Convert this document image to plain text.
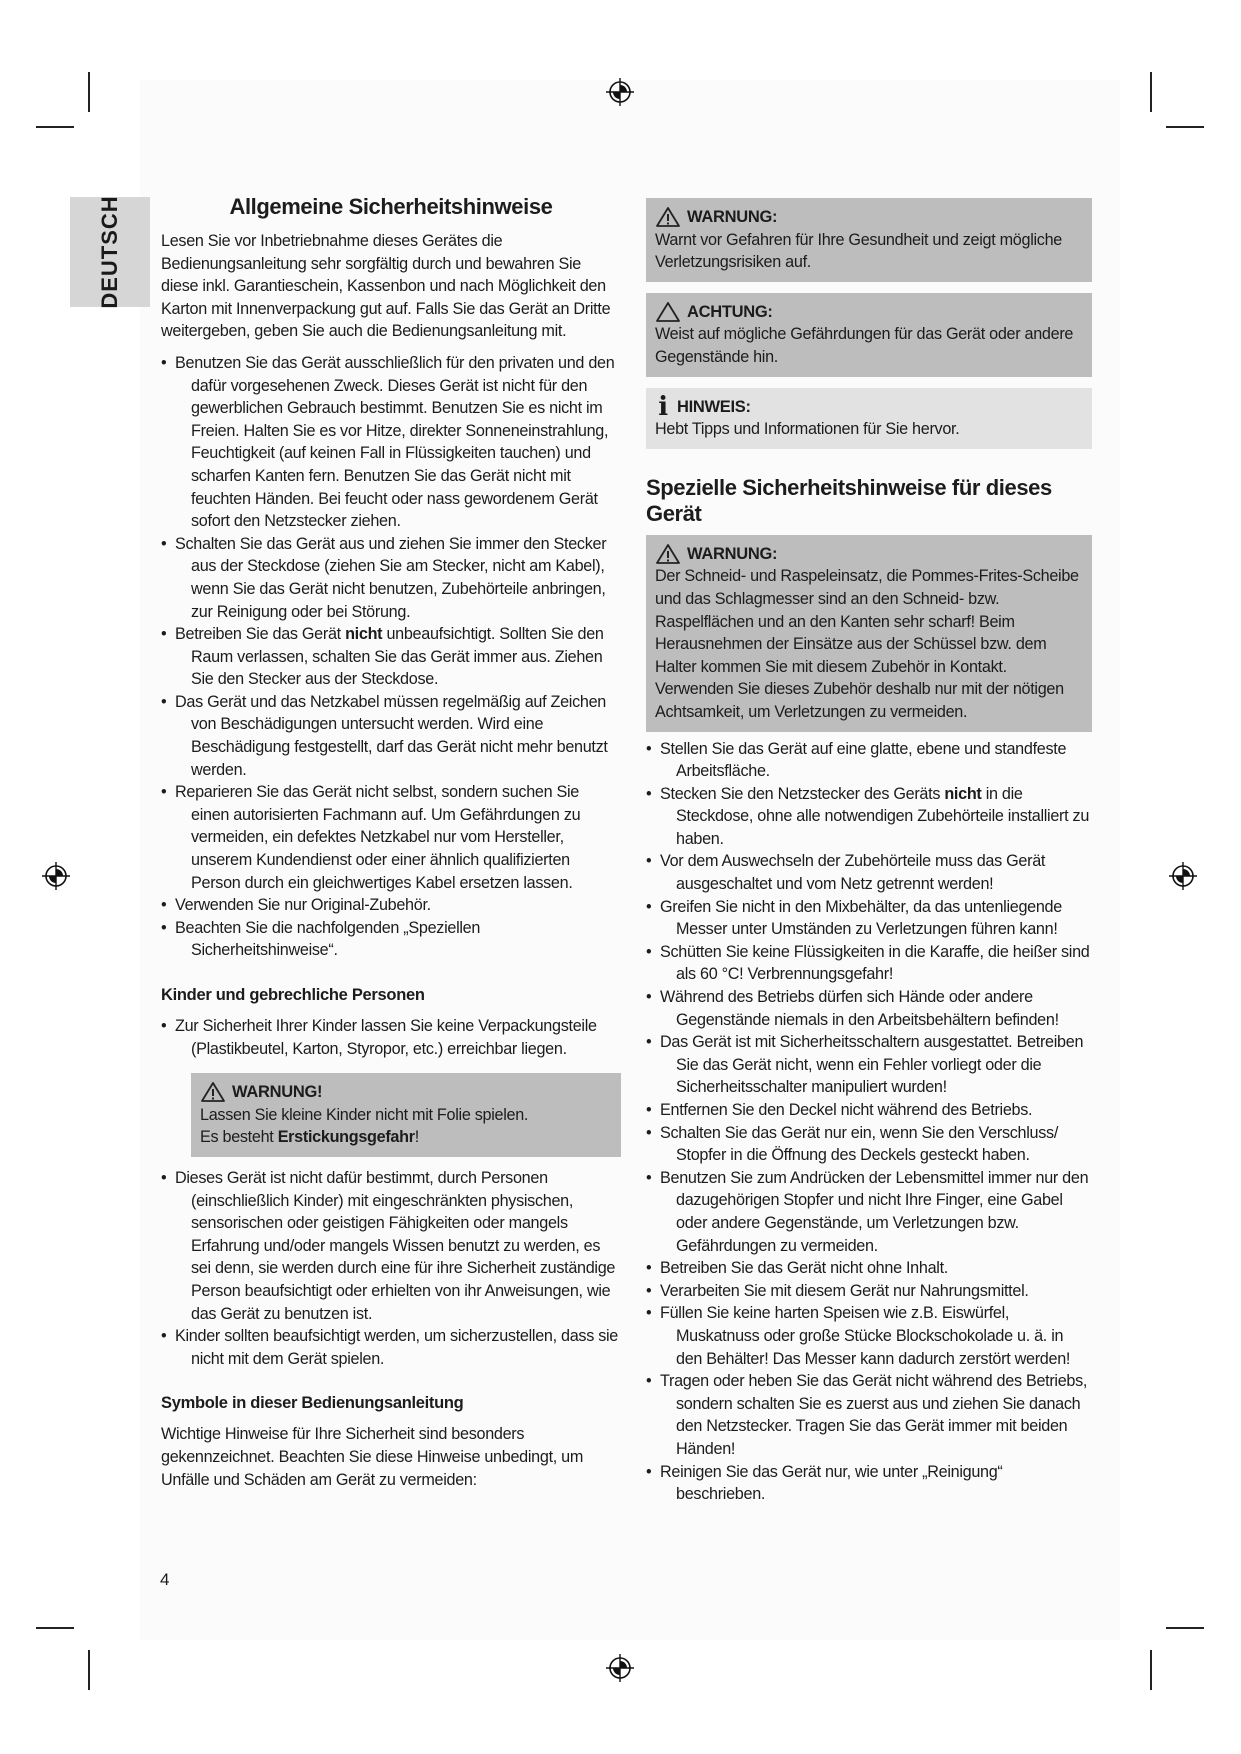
DEUTSCH	Allgemeine Sicherheitshinweise

Lesen Sie vor Inbetriebnahme dieses Gerätes die Bedienungsanleitung sehr sorgfältig durch und bewahren Sie diese inkl. Garantieschein, Kassenbon und nach Möglichkeit den Karton mit Innenverpackung gut auf. Falls Sie das Gerät an Dritte weitergeben, geben Sie auch die Bedienungsanleitung mit.

• Benutzen Sie das Gerät ausschließlich für den privaten und den dafür vorgesehenen Zweck. Dieses Gerät ist nicht für den gewerblichen Gebrauch bestimmt. Benutzen Sie es nicht im Freien. Halten Sie es vor Hitze, direkter Sonneneinstrahlung, Feuchtigkeit (auf keinen Fall in Flüssigkeiten tauchen) und scharfen Kanten fern. Benutzen Sie das Gerät nicht mit feuchten Händen. Bei feucht oder nass gewordenem Gerät sofort den Netzstecker ziehen.
• Schalten Sie das Gerät aus und ziehen Sie immer den Stecker aus der Steckdose (ziehen Sie am Stecker, nicht am Kabel), wenn Sie das Gerät nicht benutzen, Zubehörteile anbringen, zur Reinigung oder bei Störung.
• Betreiben Sie das Gerät nicht unbeaufsichtigt. Sollten Sie den Raum verlassen, schalten Sie das Gerät immer aus. Ziehen Sie den Stecker aus der Steckdose.
• Das Gerät und das Netzkabel müssen regelmäßig auf Zeichen von Beschädigungen untersucht werden. Wird eine Beschädigung festgestellt, darf das Gerät nicht mehr benutzt werden.
• Reparieren Sie das Gerät nicht selbst, sondern suchen Sie einen autorisierten Fachmann auf. Um Gefährdungen zu vermeiden, ein defektes Netzkabel nur vom Hersteller, unserem Kundendienst oder einer ähnlich qualifizierten Person durch ein gleichwertiges Kabel ersetzen lassen.
• Verwenden Sie nur Original-Zubehör.
• Beachten Sie die nachfolgenden „Speziellen Sicherheitshinweise“.

Kinder und gebrechliche Personen

• Zur Sicherheit Ihrer Kinder lassen Sie keine Verpackungsteile (Plastikbeutel, Karton, Styropor, etc.) erreichbar liegen.
WARNUNG!

Lassen Sie kleine Kinder nicht mit Folie spielen.

Es besteht Erstickungsgefahr!

• Dieses Gerät ist nicht dafür bestimmt, durch Personen (einschließlich Kinder) mit eingeschränkten physischen, sensorischen oder geistigen Fähigkeiten oder mangels Erfahrung und/oder mangels Wissen benutzt zu werden, es sei denn, sie werden durch eine für ihre Sicherheit zuständige Person beaufsichtigt oder erhielten von ihr Anweisungen, wie das Gerät zu benutzen ist.
• Kinder sollten beaufsichtigt werden, um sicherzustellen, dass sie nicht mit dem Gerät spielen.

Symbole in dieser Bedienungsanleitung

Wichtige Hinweise für Ihre Sicherheit sind besonders gekennzeichnet. Beachten Sie diese Hinweise unbedingt, um Unfälle und Schäden am Gerät zu vermeiden:

WARNUNG:

Warnt vor Gefahren für Ihre Gesundheit und zeigt mögliche Verletzungsrisiken auf.

ACHTUNG:

Weist auf mögliche Gefährdungen für das Gerät oder andere Gegenstände hin.

i HINWEIS:

Hebt Tipps und Informationen für Sie hervor.

Spezielle Sicherheitshinweise für dieses Gerät

WARNUNG:

Der Schneid- und Raspeleinsatz, die Pommes-Frites-Scheibe und das Schlagmesser sind an den Schneid- bzw. Raspelflächen und an den Kanten sehr scharf! Beim Herausnehmen der Einsätze aus der Schüssel bzw. dem Halter kommen Sie mit diesem Zubehör in Kontakt. Verwenden Sie dieses Zubehör deshalb nur mit der nötigen Achtsamkeit, um Verletzungen zu vermeiden.

• Stellen Sie das Gerät auf eine glatte, ebene und standfeste Arbeitsfläche.
• Stecken Sie den Netzstecker des Geräts nicht in die Steckdose, ohne alle notwendigen Zubehörteile installiert zu haben.
• Vor dem Auswechseln der Zubehörteile muss das Gerät ausgeschaltet und vom Netz getrennt werden!
• Greifen Sie nicht in den Mixbehälter, da das untenliegende Messer unter Umständen zu Verletzungen führen kann!
• Schütten Sie keine Flüssigkeiten in die Karaffe, die heißer sind als 60 °C! Verbrennungsgefahr!
• Während des Betriebs dürfen sich Hände oder andere Gegenstände niemals in den Arbeitsbehältern befinden!
• Das Gerät ist mit Sicherheitsschaltern ausgestattet. Betreiben Sie das Gerät nicht, wenn ein Fehler vorliegt oder die Sicherheitsschalter manipuliert wurden!
• Entfernen Sie den Deckel nicht während des Betriebs.
• Schalten Sie das Gerät nur ein, wenn Sie den Verschluss/ Stopfer in die Öffnung des Deckels gesteckt haben.
• Benutzen Sie zum Andrücken der Lebensmittel immer nur den dazugehörigen Stopfer und nicht Ihre Finger, eine Gabel oder andere Gegenstände, um Verletzungen bzw. Gefährdungen zu vermeiden.
• Betreiben Sie das Gerät nicht ohne Inhalt.
• Verarbeiten Sie mit diesem Gerät nur Nahrungsmittel.
• Füllen Sie keine harten Speisen wie z.B. Eiswürfel, Muskatnuss oder große Stücke Blockschokolade u. ä. in den Behälter! Das Messer kann dadurch zerstört werden!
• Tragen oder heben Sie das Gerät nicht während des Betriebs, sondern schalten Sie es zuerst aus und ziehen Sie danach den Netzstecker. Tragen Sie das Gerät immer mit beiden Händen!
• Reinigen Sie das Gerät nur, wie unter „Reinigung“ beschrieben.
4
